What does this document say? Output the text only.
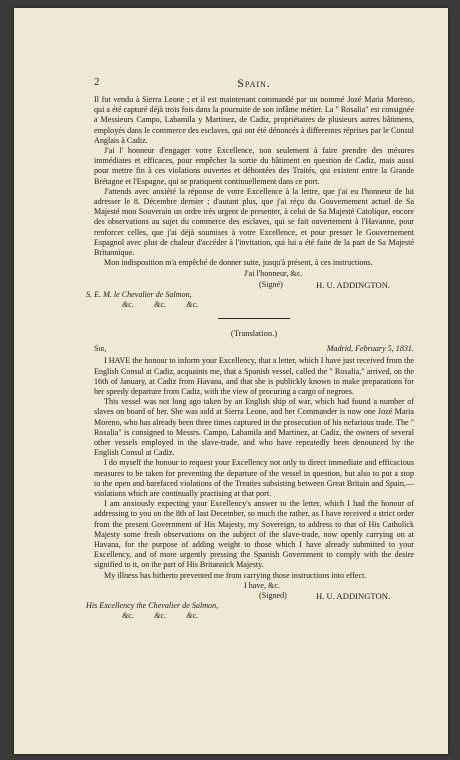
2	Spain.

Il fut vendu à Sierra Leone ; et il est maintenant commandé par un nommé Jozé Maria Moreno, qui a été capturé déjà trois fois dans la poursuite de son infâme métier. La " Rosalia" est consignée a Messieurs Campo, Labamila y Martinez, de Cadiz, propriétaires de plusieurs autres bâtimens, employés dans le commerce des esclaves, qui ont été dénoncés à differentes réprises par le Consul Anglais à Cadiz.

J'ai l' honneur d'engager votre Excellence, non seulement à faire prendre des mésures immédiates et efficaces, pour empêcher la sortie du bâtiment en question de Cadiz, mais aussi pour mettre fin à ces violations ouvertes et déhontées des Traités, qui existent entre la Grande Brétagne et l'Espagne, qui se pratiquent continuellement dans ce port.

J'attends avec anxiété la réponse de votre Excellence à la lettre, que j'ai eu l'honneur de lui adresser le 8. Décembre dernier ; d'autant plus, que j'ai réçu du Gouvernement actuel de Sa Majesté mon Souverain un ordre très urgent de presenter, à celui de Sa Majesté Catolique, encore des observations au sujet du commerce des esclaves, qui se fait ouvertement à l'Havanne, pour renforcer celles, que j'ai déjà soumises à votre Excellence, et pour presser le Gouvernement Espagnol avec plus de chaleur d'accéder à l'invitation, qui lui a été faite de la part de Sa Majesté Britannique.

Mon indisposition m'a empêché de donner suite, jusqu'à présent, à ces instructions.

J'ai l'honneur, &c.
(Signé)	H. U. ADDINGTON.
S. E. M. le Chevalier de Salmon,
&c.          &c.          &c.
(Translation.)
Sir,	Madrid, February 5, 1831.

I HAVE the honour to inform your Excellency, that a letter, which I have just received from the English Consul at Cadiz, acquaints me, that a Spanish vessel, called the " Rosalia," arrived, on the 16th of January, at Cadiz from Havana, and that she is publickly known to make preparations for her speedy departure from Cadiz, with the view of procuring a cargo of negroes.

This vessel was not long ago taken by an English ship of war, which had found a number of slaves on board of her. She was sold at Sierra Leone, and her Commander is now one Jozé Maria Moreno, who has already been three times captured in the prosecution of his nefarious trade. The " Rosalia" is consigned to Messrs. Campo, Labamila and Martinez, at Cadiz, the owners of several other vessels employed in the slave-trade, and who have repeatedly been denounced by the English Consul at Cadiz.

I do myself the honour to request your Excellency not only to direct immediate and efficacious measures to be taken for preventing the departure of the vessel in question, but also to put a stop to the open and barefaced violations of the Treaties subsisting between Great Britain and Spain,—violations which are continually practising at that port.

I am anxiously expecting your Excellency's answer to the letter, which I had the honour of addressing to you on the 8th of last December, so much the rather, as I have received a strict order from the present Government of His Majesty, my Sovereign, to address to that of His Catholick Majesty some fresh observations on the subject of the slave-trade, now openly carrying on at Havana, for the purpose of adding weight to those which I have already submitted to your Excellency, and of more urgently pressing the Spanish Government to comply with the desire signified to it, on the part of His Britannick Majesty.

My illness has hitherto prevented me from carrying those instructions into effect.

I have, &c.
(Signed)	H. U. ADDINGTON.
His Excellency the Chevalier de Salmon,
&c.          &c.          &c.
